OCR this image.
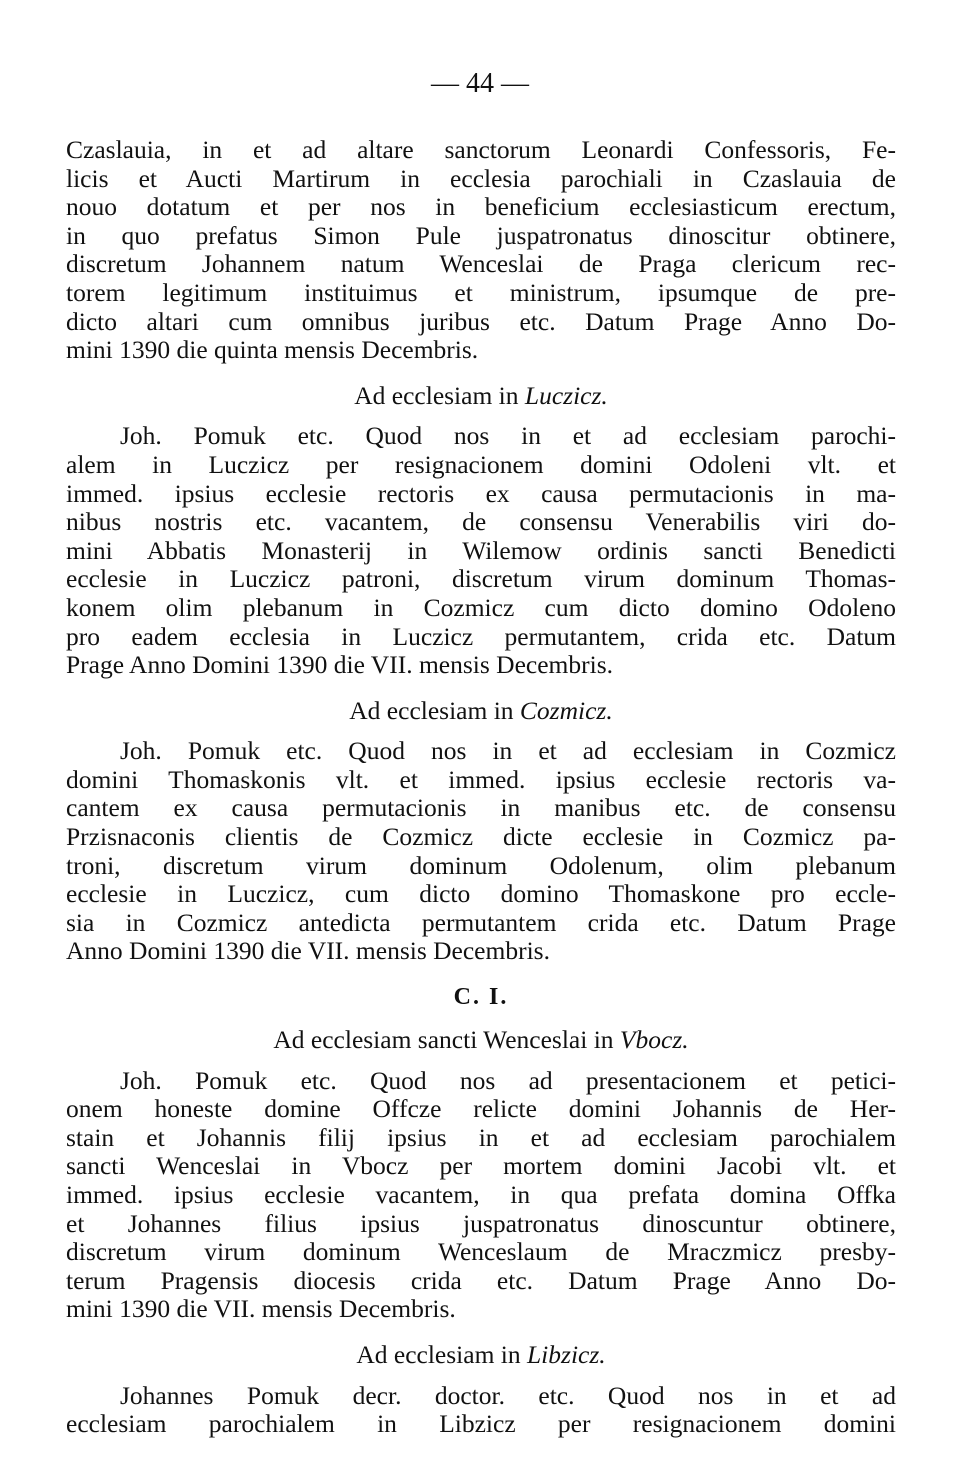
— 44 —
Czaslauia, in et ad altare sanctorum Leonardi Confessoris, Fe-
licis et Aucti Martirum in ecclesia parochiali in Czaslauia de
nouo dotatum et per nos in beneficium ecclesiasticum erectum,
in quo prefatus Simon Pule juspatronatus dinoscitur obtinere,
discretum Johannem natum Wenceslai de Praga clericum rec-
torem legitimum instituimus et ministrum, ipsumque de pre-
dicto altari cum omnibus juribus etc. Datum Prage Anno Do-
mini 1390 die quinta mensis Decembris.
Ad ecclesiam in Luczicz.
Joh. Pomuk etc. Quod nos in et ad ecclesiam parochi-
alem in Luczicz per resignacionem domini Odoleni vlt. et
immed. ipsius ecclesie rectoris ex causa permutacionis in ma-
nibus nostris etc. vacantem, de consensu Venerabilis viri do-
mini Abbatis Monasterij in Wilemow ordinis sancti Benedicti
ecclesie in Luczicz patroni, discretum virum dominum Thomas-
konem olim plebanum in Cozmicz cum dicto domino Odoleno
pro eadem ecclesia in Luczicz permutantem, crida etc. Datum
Prage Anno Domini 1390 die VII. mensis Decembris.
Ad ecclesiam in Cozmicz.
Joh. Pomuk etc. Quod nos in et ad ecclesiam in Cozmicz
domini Thomaskonis vlt. et immed. ipsius ecclesie rectoris va-
cantem ex causa permutacionis in manibus etc. de consensu
Przisnaconis clientis de Cozmicz dicte ecclesie in Cozmicz pa-
troni, discretum virum dominum Odolenum, olim plebanum
ecclesie in Luczicz, cum dicto domino Thomaskone pro eccle-
sia in Cozmicz antedicta permutantem crida etc. Datum Prage
Anno Domini 1390 die VII. mensis Decembris.
C. I.
Ad ecclesiam sancti Wenceslai in Vbocz.
Joh. Pomuk etc. Quod nos ad presentacionem et petici-
onem honeste domine Offcze relicte domini Johannis de Her-
stain et Johannis filij ipsius in et ad ecclesiam parochialem
sancti Wenceslai in Vbocz per mortem domini Jacobi vlt. et
immed. ipsius ecclesie vacantem, in qua prefata domina Offka
et Johannes filius ipsius juspatronatus dinoscuntur obtinere,
discretum virum dominum Wenceslaum de Mraczmicz presby-
terum Pragensis diocesis crida etc. Datum Prage Anno Do-
mini 1390 die VII. mensis Decembris.
Ad ecclesiam in Libzicz.
Johannes Pomuk decr. doctor. etc. Quod nos in et ad
ecclesiam parochialem in Libzicz per resignacionem domini
